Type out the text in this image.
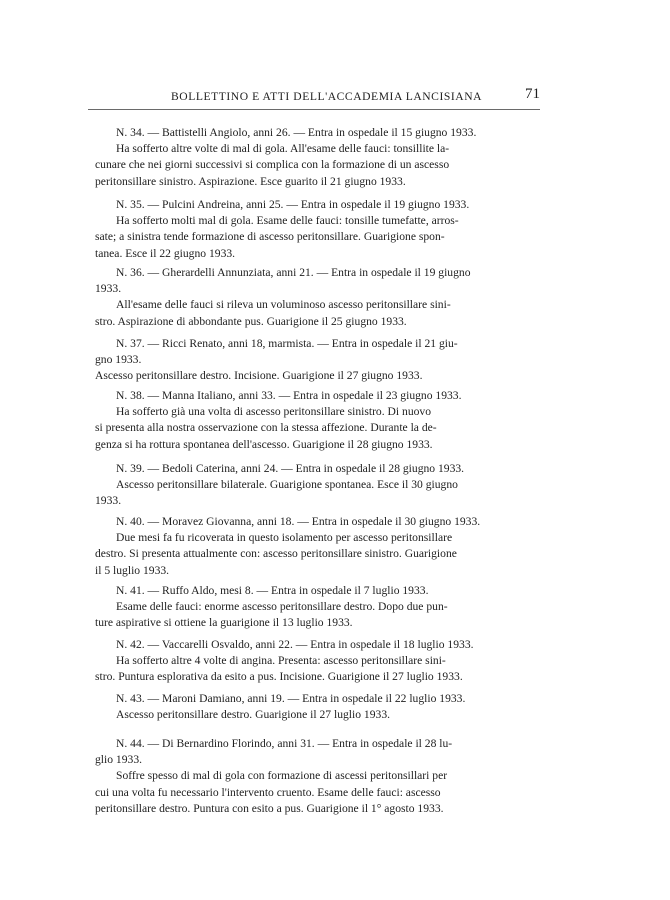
BOLLETTINO E ATTI DELL'ACCADEMIA LANCISIANA	71

N. 34. — Battistelli Angiolo, anni 26. — Entra in ospedale il 15 giugno 1933.

Ha sofferto altre volte di mal di gola. All'esame delle fauci: tonsillite la-

cunare che nei giorni successivi si complica con la formazione di un ascesso

peritonsillare sinistro. Aspirazione. Esce guarito il 21 giugno 1933.

N. 35. — Pulcini Andreina, anni 25. — Entra in ospedale il 19 giugno 1933.

Ha sofferto molti mal di gola. Esame delle fauci: tonsille tumefatte, arros-

sate; a sinistra tende formazione di ascesso peritonsillare. Guarigione spon-

tanea. Esce il 22 giugno 1933.

N. 36. — Gherardelli Annunziata, anni 21. — Entra in ospedale il 19 giugno

1933.

All'esame delle fauci si rileva un voluminoso ascesso peritonsillare sini-

stro. Aspirazione di abbondante pus. Guarigione il 25 giugno 1933.

N. 37. — Ricci Renato, anni 18, marmista. — Entra in ospedale il 21 giu-

gno 1933.

Ascesso peritonsillare destro. Incisione. Guarigione il 27 giugno 1933.

N. 38. — Manna Italiano, anni 33. — Entra in ospedale il 23 giugno 1933.

Ha sofferto già una volta di ascesso peritonsillare sinistro. Di nuovo

si presenta alla nostra osservazione con la stessa affezione. Durante la de-

genza si ha rottura spontanea dell'ascesso. Guarigione il 28 giugno 1933.

N. 39. — Bedoli Caterina, anni 24. — Entra in ospedale il 28 giugno 1933.

Ascesso peritonsillare bilaterale. Guarigione spontanea. Esce il 30 giugno

1933.

N. 40. — Moravez Giovanna, anni 18. — Entra in ospedale il 30 giugno 1933.

Due mesi fa fu ricoverata in questo isolamento per ascesso peritonsillare

destro. Si presenta attualmente con: ascesso peritonsillare sinistro. Guarigione

il 5 luglio 1933.

N. 41. — Ruffo Aldo, mesi 8. — Entra in ospedale il 7 luglio 1933.

Esame delle fauci: enorme ascesso peritonsillare destro. Dopo due pun-

ture aspirative si ottiene la guarigione il 13 luglio 1933.

N. 42. — Vaccarelli Osvaldo, anni 22. — Entra in ospedale il 18 luglio 1933.

Ha sofferto altre 4 volte di angina. Presenta: ascesso peritonsillare sini-

stro. Puntura esplorativa da esito a pus. Incisione. Guarigione il 27 luglio 1933.

N. 43. — Maroni Damiano, anni 19. — Entra in ospedale il 22 luglio 1933.

Ascesso peritonsillare destro. Guarigione il 27 luglio 1933.

N. 44. — Di Bernardino Florindo, anni 31. — Entra in ospedale il 28 lu-

glio 1933.

Soffre spesso di mal di gola con formazione di ascessi peritonsillari per

cui una volta fu necessario l'intervento cruento. Esame delle fauci: ascesso

peritonsillare destro. Puntura con esito a pus. Guarigione il 1° agosto 1933.
